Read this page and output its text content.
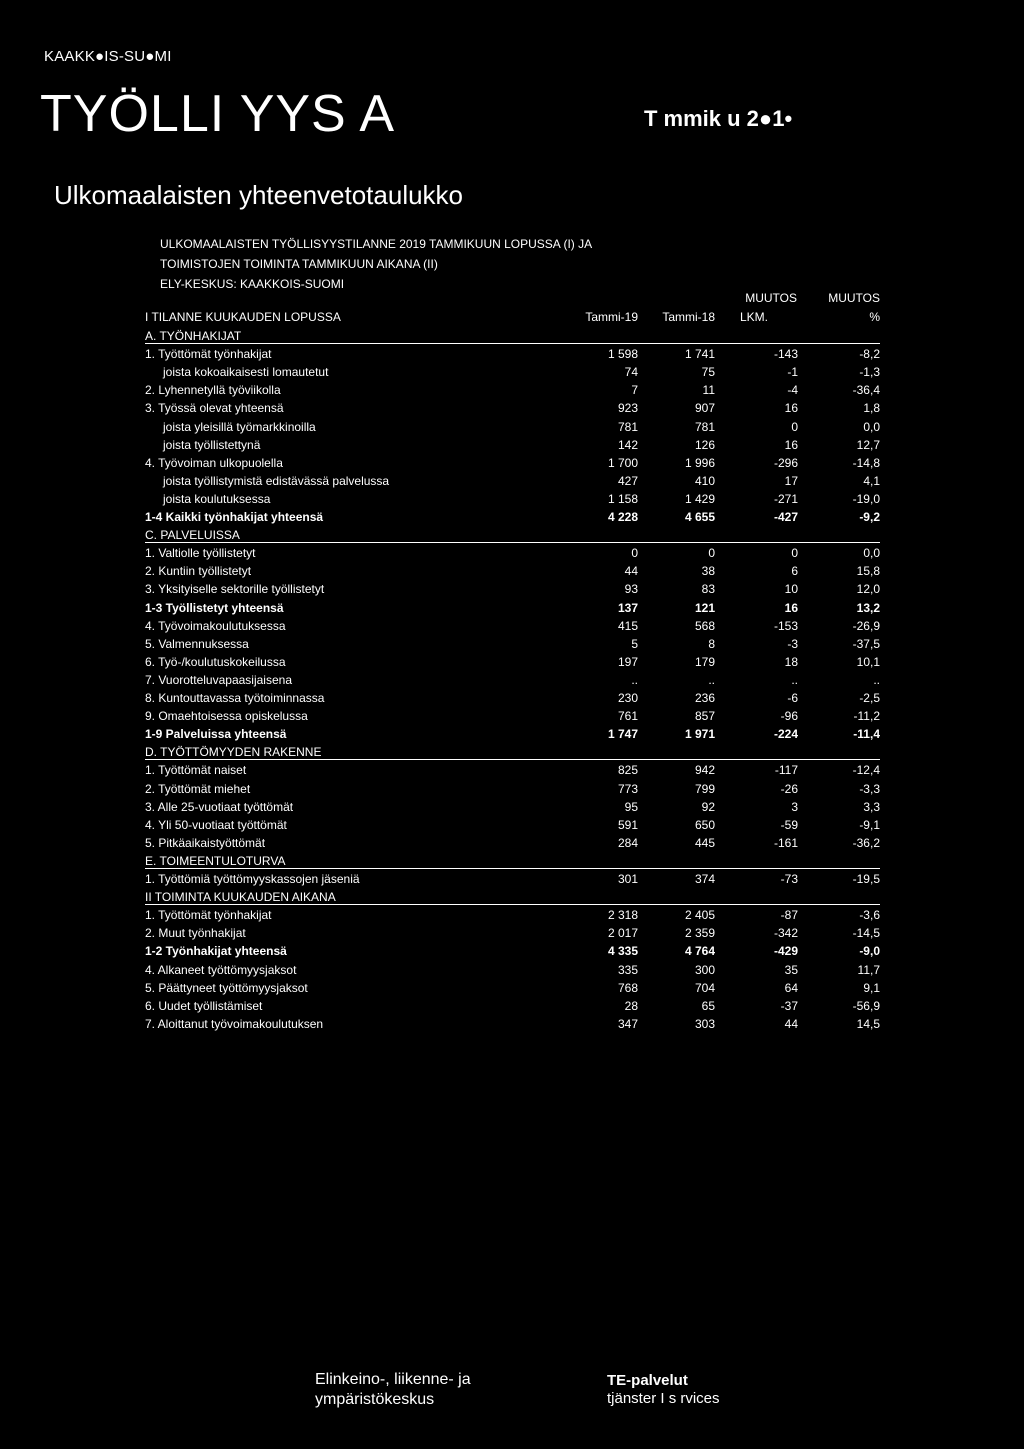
KAAKK●IS-SU●MI
TYÖLLI YYS A	T mmik u 2●1•
Ulkomaalaisten yhteenvetotaulukko
ULKOMAALAISTEN TYÖLLISYYSTILANNE 2019 TAMMIKUUN LOPUSSA (I) JA
TOIMISTOJEN TOIMINTA TAMMIKUUN AIKANA (II)
ELY-KESKUS: KAAKKOIS-SUOMI
MUUTOS	MUUTOS
I TILANNE KUUKAUDEN LOPUSSA	Tammi-19	Tammi-18	LKM.	%
A. TYÖNHAKIJAT
1. Työttömät työnhakijat	1 598	1 741	-143	-8,2
joista kokoaikaisesti lomautetut	74	75	-1	-1,3
2. Lyhennetyllä työviikolla	7	11	-4	-36,4
3. Työssä olevat yhteensä	923	907	16	1,8
joista yleisillä työmarkkinoilla	781	781	0	0,0
joista työllistettynä	142	126	16	12,7
4. Työvoiman ulkopuolella	1 700	1 996	-296	-14,8
joista työllistymistä edistävässä palvelussa	427	410	17	4,1
joista koulutuksessa	1 158	1 429	-271	-19,0
1-4 Kaikki työnhakijat yhteensä	4 228	4 655	-427	-9,2
C. PALVELUISSA
1. Valtiolle työllistetyt	0	0	0	0,0
2. Kuntiin työllistetyt	44	38	6	15,8
3. Yksityiselle sektorille työllistetyt	93	83	10	12,0
1-3 Työllistetyt yhteensä	137	121	16	13,2
4. Työvoimakoulutuksessa	415	568	-153	-26,9
5. Valmennuksessa	5	8	-3	-37,5
6. Työ-/koulutuskokeilussa	197	179	18	10,1
7. Vuorotteluvapaasijaisena	..	..	..	..
8. Kuntouttavassa työtoiminnassa	230	236	-6	-2,5
9. Omaehtoisessa opiskelussa	761	857	-96	-11,2
1-9 Palveluissa yhteensä	1 747	1 971	-224	-11,4
D. TYÖTTÖMYYDEN RAKENNE
1. Työttömät naiset	825	942	-117	-12,4
2. Työttömät miehet	773	799	-26	-3,3
3. Alle 25-vuotiaat työttömät	95	92	3	3,3
4. Yli 50-vuotiaat työttömät	591	650	-59	-9,1
5. Pitkäaikaistyöttömät	284	445	-161	-36,2
E. TOIMEENTULOTURVA
1. Työttömiä työttömyyskassojen jäseniä	301	374	-73	-19,5
II TOIMINTA KUUKAUDEN AIKANA
1. Työttömät työnhakijat	2 318	2 405	-87	-3,6
2. Muut työnhakijat	2 017	2 359	-342	-14,5
1-2 Työnhakijat yhteensä	4 335	4 764	-429	-9,0
4. Alkaneet työttömyysjaksot	335	300	35	11,7
5. Päättyneet työttömyysjaksot	768	704	64	9,1
6. Uudet työllistämiset	28	65	-37	-56,9
7. Aloittanut työvoimakoulutuksen	347	303	44	14,5
Elinkeino-, liikenne- ja
ympäristökeskus
TE-palvelut
tjänster I s rvices
